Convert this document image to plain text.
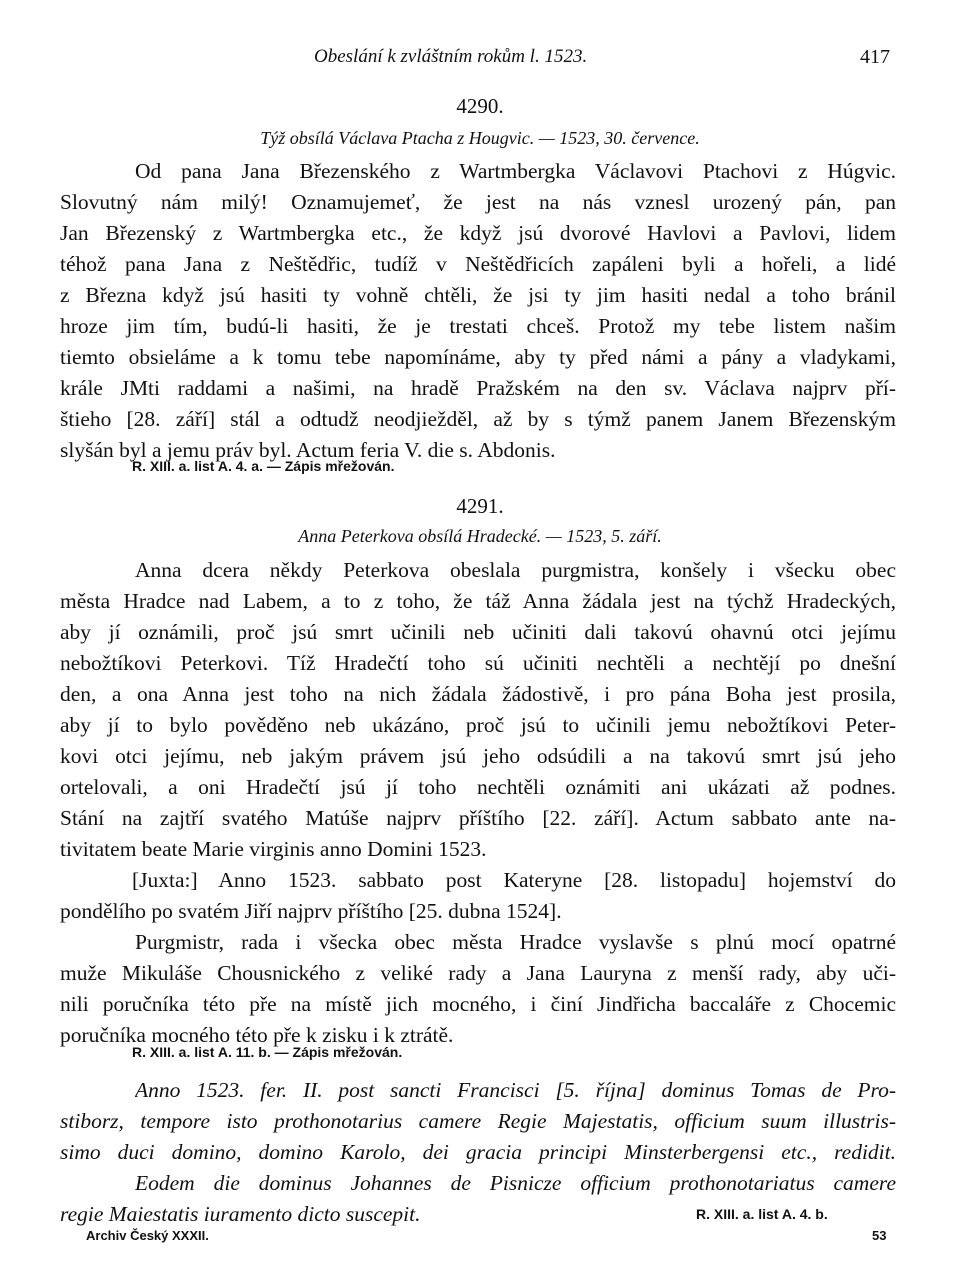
Obeslání k zvláštním rokům l. 1523.	417
4290.
Týž obsílá Václava Ptacha z Hougvic. — 1523, 30. července.
Od pana Jana Březenského z Wartmbergka Václavovi Ptachovi z Húgvic.
Slovutný nám milý! Oznamujemeť, že jest na nás vznesl urozený pán, pan
Jan Březenský z Wartmbergka etc., že když jsú dvorové Havlovi a Pavlovi, lidem
téhož pana Jana z Neštědřic, tudíž v Neštědřicích zapáleni byli a hořeli, a lidé
z Března když jsú hasiti ty vohně chtěli, že jsi ty jim hasiti nedal a toho bránil
hroze jim tím, budú-li hasiti, že je trestati chceš. Protož my tebe listem našim
tiemto obsieláme a k tomu tebe napomínáme, aby ty před námi a pány a vladykami,
krále JMti raddami a našimi, na hradě Pražském na den sv. Václava najprv pří-
štieho [28. září] stál a odtudž neodjiežděl, až by s týmž panem Janem Březenským
slyšán byl a jemu práv byl. Actum feria V. die s. Abdonis.
R. XIII. a. list A. 4. a. — Zápis mřežován.
4291.
Anna Peterkova obsílá Hradecké. — 1523, 5. září.
Anna dcera někdy Peterkova obeslala purgmistra, konšely i všecku obec
města Hradce nad Labem, a to z toho, že táž Anna žádala jest na týchž Hradeckých,
aby jí oznámili, proč jsú smrt učinili neb učiniti dali takovú ohavnú otci jejímu
nebožtíkovi Peterkovi. Tíž Hradečtí toho sú učiniti nechtěli a nechtějí po dnešní
den, a ona Anna jest toho na nich žádala žádostivě, i pro pána Boha jest prosila,
aby jí to bylo pověděno neb ukázáno, proč jsú to učinili jemu nebožtíkovi Peter-
kovi otci jejímu, neb jakým právem jsú jeho odsúdili a na takovú smrt jsú jeho
ortelovali, a oni Hradečtí jsú jí toho nechtěli oznámiti ani ukázati až podnes.
Stání na zajtří svatého Matúše najprv příštího [22. září]. Actum sabbato ante na-
tivitatem beate Marie virginis anno Domini 1523.
[Juxta:] Anno 1523. sabbato post Kateryne [28. listopadu] hojemství do
pondělího po svatém Jiří najprv příštího [25. dubna 1524].
Purgmistr, rada i všecka obec města Hradce vyslavše s plnú mocí opatrné
muže Mikuláše Chousnického z veliké rady a Jana Lauryna z menší rady, aby uči-
nili poručníka této pře na místě jich mocného, i činí Jindřicha baccaláře z Chocemic
poručníka mocného této pře k zisku i k ztrátě.
R. XIII. a. list A. 11. b. — Zápis mřežován.
Anno 1523. fer. II. post sancti Francisci [5. října] dominus Tomas de Pro-
stiborz, tempore isto prothonotarius camere Regie Majestatis, officium suum illustris-
simo duci domino, domino Karolo, dei gracia principi Minsterbergensi etc., redidit.
Eodem die dominus Johannes de Pisnicze officium prothonotariatus camere
regie Maiestatis iuramento dicto suscepit.	R. XIII. a. list A. 4. b.
Archiv Český XXXII.	53
